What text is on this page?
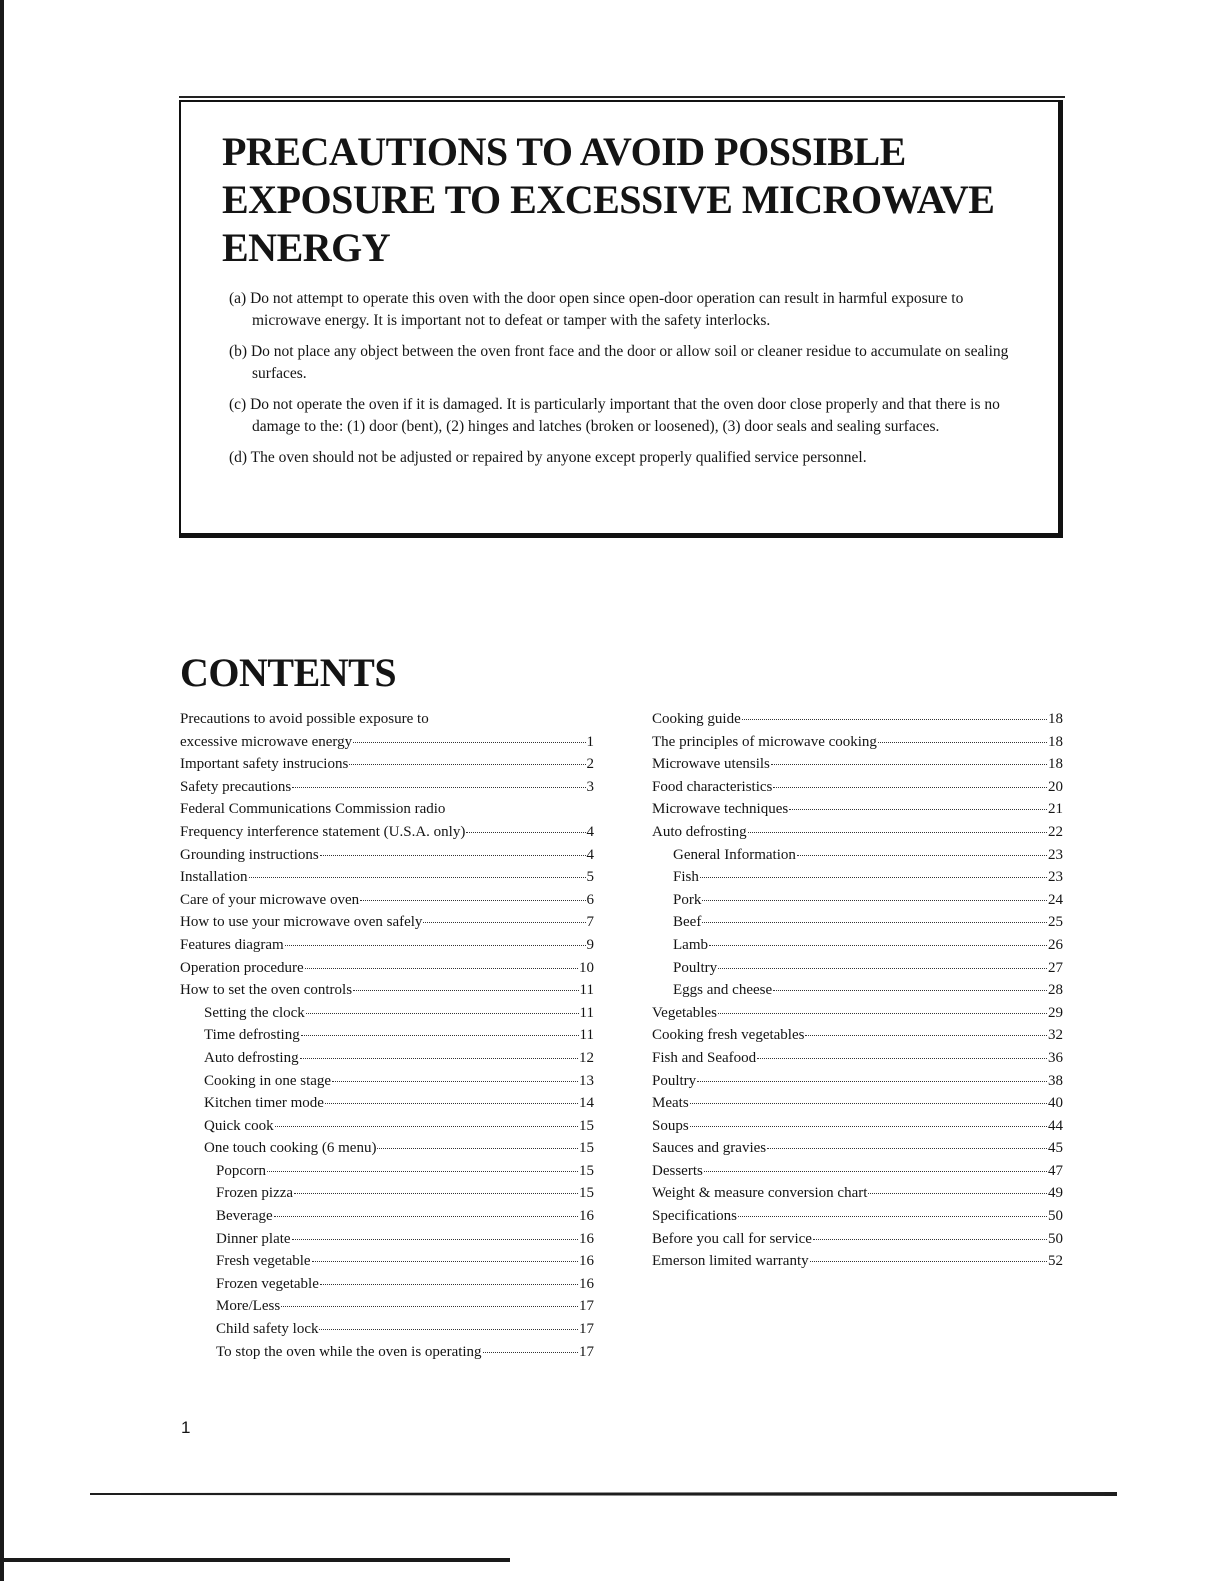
PRECAUTIONS TO AVOID POSSIBLE
EXPOSURE TO EXCESSIVE MICROWAVE
ENERGY
(a) Do not attempt to operate this oven with the door open since open-door operation can result in harmful exposure to microwave energy. It is important not to defeat or tamper with the safety interlocks.
(b) Do not place any object between the oven front face and the door or allow soil or cleaner residue to accumulate on sealing surfaces.
(c) Do not operate the oven if it is damaged. It is particularly important that the oven door close properly and that there is no damage to the: (1) door (bent), (2) hinges and latches (broken or loosened), (3) door seals and sealing surfaces.
(d) The oven should not be adjusted or repaired by anyone except properly qualified service personnel.
CONTENTS
Precautions to avoid possible exposure to
excessive microwave energy	1
Important safety instrucions	2
Safety precautions	3
Federal Communications Commission radio
Frequency interference statement (U.S.A. only)	4
Grounding instructions	4
Installation	5
Care of your microwave oven	6
How to use your microwave oven safely	7
Features diagram	9
Operation procedure	10
How to set the oven controls	11
Setting the clock	11
Time defrosting	11
Auto defrosting	12
Cooking in one stage	13
Kitchen timer mode	14
Quick cook	15
One touch cooking (6 menu)	15
Popcorn	15
Frozen pizza	15
Beverage	16
Dinner plate	16
Fresh vegetable	16
Frozen vegetable	16
More/Less	17
Child safety lock	17
To stop the oven while the oven is operating	17
Cooking guide	18
The principles of microwave cooking	18
Microwave utensils	18
Food characteristics	20
Microwave techniques	21
Auto defrosting	22
General Information	23
Fish	23
Pork	24
Beef	25
Lamb	26
Poultry	27
Eggs and cheese	28
Vegetables	29
Cooking fresh vegetables	32
Fish and Seafood	36
Poultry	38
Meats	40
Soups	44
Sauces and gravies	45
Desserts	47
Weight & measure conversion chart	49
Specifications	50
Before you call for service	50
Emerson limited warranty	52
1
